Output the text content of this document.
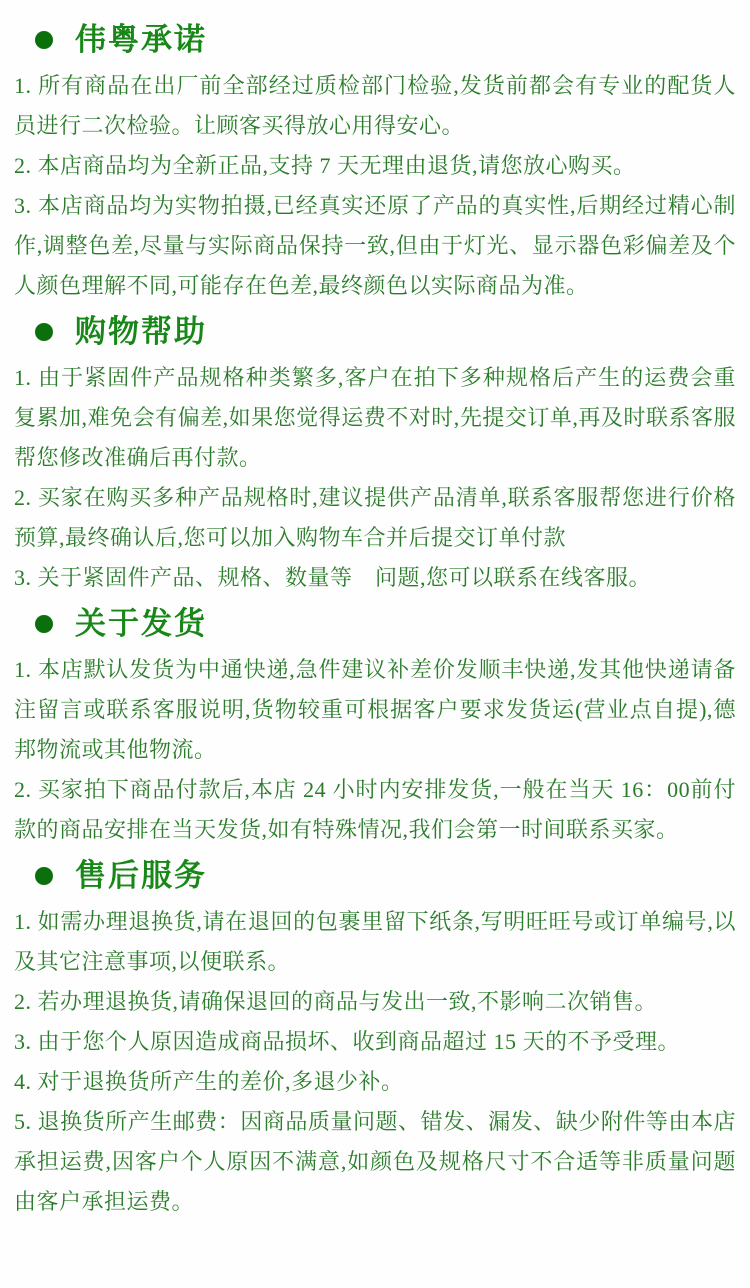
伟粤承诺

1. 所有商品在出厂前全部经过质检部门检验,发货前都会有专业的配货人员进行二次检验。让顾客买得放心用得安心。

2. 本店商品均为全新正品,支持 7 天无理由退货,请您放心购买。

3. 本店商品均为实物拍摄,已经真实还原了产品的真实性,后期经过精心制作,调整色差,尽量与实际商品保持一致,但由于灯光、显示器色彩偏差及个人颜色理解不同,可能存在色差,最终颜色以实际商品为准。

购物帮助

1. 由于紧固件产品规格种类繁多,客户在拍下多种规格后产生的运费会重复累加,难免会有偏差,如果您觉得运费不对时,先提交订单,再及时联系客服帮您修改准确后再付款。

2. 买家在购买多种产品规格时,建议提供产品清单,联系客服帮您进行价格预算,最终确认后,您可以加入购物车合并后提交订单付款

3. 关于紧固件产品、规格、数量等　问题,您可以联系在线客服。

关于发货

1. 本店默认发货为中通快递,急件建议补差价发顺丰快递,发其他快递请备注留言或联系客服说明,货物较重可根据客户要求发货运(营业点自提),德邦物流或其他物流。

2. 买家拍下商品付款后,本店 24 小时内安排发货,一般在当天 16：00前付款的商品安排在当天发货,如有特殊情况,我们会第一时间联系买家。

售后服务

1. 如需办理退换货,请在退回的包裹里留下纸条,写明旺旺号或订单编号,以及其它注意事项,以便联系。

2. 若办理退换货,请确保退回的商品与发出一致,不影响二次销售。

3. 由于您个人原因造成商品损坏、收到商品超过 15 天的不予受理。

4. 对于退换货所产生的差价,多退少补。

5. 退换货所产生邮费：因商品质量问题、错发、漏发、缺少附件等由本店承担运费,因客户个人原因不满意,如颜色及规格尺寸不合适等非质量问题由客户承担运费。
